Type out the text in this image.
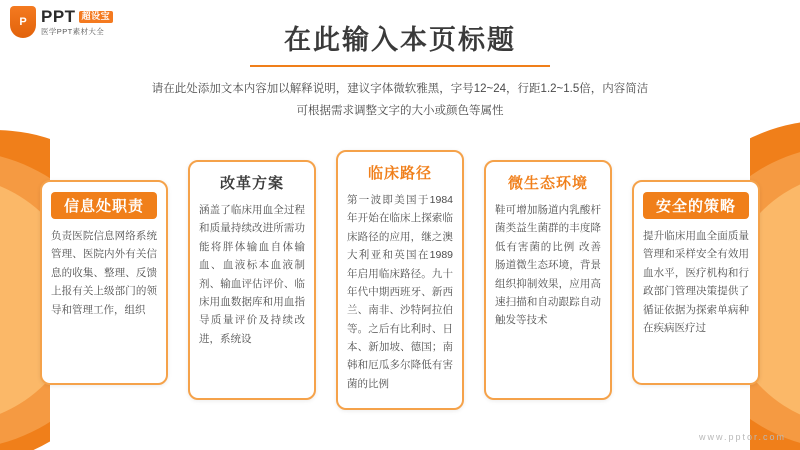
P PPT 超设宝
医学PPT素材大全	在此输入本页标题
请在此处添加文本内容加以解释说明，建议字体微软雅黑，字号12~24，行距1.2~1.5倍，内容简洁
可根据需求调整文字的大小或颜色等属性
信息处职责
负责医院信息网络系统管理、医院内外有关信息的收集、整理、反馈上报有关上级部门的领导和管理工作，组织
改革方案
涵盖了临床用血全过程和质量持续改进所需功能将胖体输血自体输血、血液标本血液制剂、输血评估评价、临床用血数据库和用血指导质量评价及持续改进，系统设
临床路径
第一波即美国于1984年开始在临床上探索临床路径的应用，继之澳大利亚和英国在1989年启用临床路径。九十年代中期西班牙、新西兰、南非、沙特阿拉伯等。之后有比利时、日本、新加坡、德国；南韩和厄瓜多尔降低有害菌的比例
微生态环境
鞋可增加肠道内乳酸杆菌类益生菌群的丰度降低有害菌的比例 改善肠道微生态环境，背景组织抑制效果，应用高速扫描和自动跟踪自动触发等技术
安全的策略
提升临床用血全面质量管理和采样安全有效用血水平，医疗机构和行政部门管理决策提供了循证依据为探索单病种在疾病医疗过
www.pptor.com
